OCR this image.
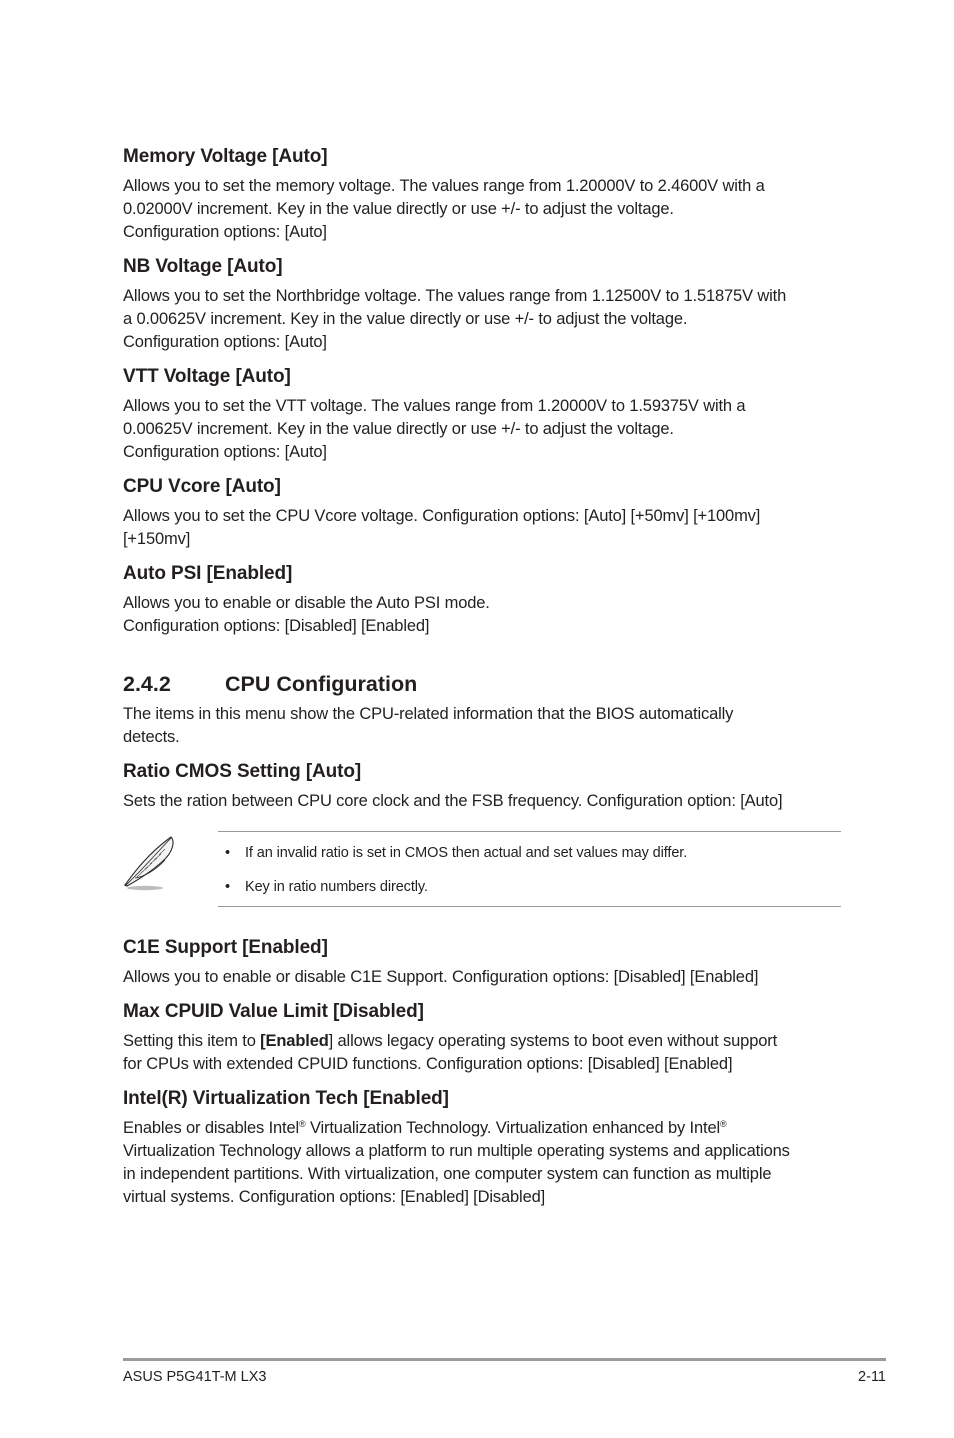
Memory Voltage [Auto]

Allows you to set the memory voltage. The values range from 1.20000V to 2.4600V with a

0.02000V increment. Key in the value directly or use +/- to adjust the voltage.

Configuration options: [Auto]

NB Voltage [Auto]

Allows you to set the Northbridge voltage. The values range from 1.12500V to 1.51875V with

a 0.00625V increment. Key in the value directly or use +/- to adjust the voltage.

Configuration options: [Auto]

VTT Voltage [Auto]

Allows you to set the VTT voltage. The values range from 1.20000V to 1.59375V with a

0.00625V increment. Key in the value directly or use +/- to adjust the voltage.

Configuration options: [Auto]

CPU Vcore [Auto]

Allows you to set the CPU Vcore voltage. Configuration options: [Auto] [+50mv] [+100mv]

[+150mv]

Auto PSI [Enabled]

Allows you to enable or disable the Auto PSI mode.

Configuration options: [Disabled] [Enabled]

2.4.2	CPU Configuration

The items in this menu show the CPU-related information that the BIOS automatically

detects.

Ratio CMOS Setting [Auto]

Sets the ration between CPU core clock and the FSB frequency. Configuration option: [Auto]

•	If an invalid ratio is set in CMOS then actual and set values may differ.
•	Key in ratio numbers directly.

C1E Support [Enabled]

Allows you to enable or disable C1E Support. Configuration options: [Disabled] [Enabled]

Max CPUID Value Limit [Disabled]

Setting this item to [Enabled] allows legacy operating systems to boot even without support

for CPUs with extended CPUID functions. Configuration options: [Disabled] [Enabled]

Intel(R) Virtualization Tech [Enabled]

Enables or disables Intel® Virtualization Technology. Virtualization enhanced by Intel®

Virtualization Technology allows a platform to run multiple operating systems and applications

in independent partitions. With virtualization, one computer system can function as multiple

virtual systems. Configuration options: [Enabled] [Disabled]

ASUS P5G41T-M LX3	2-11
